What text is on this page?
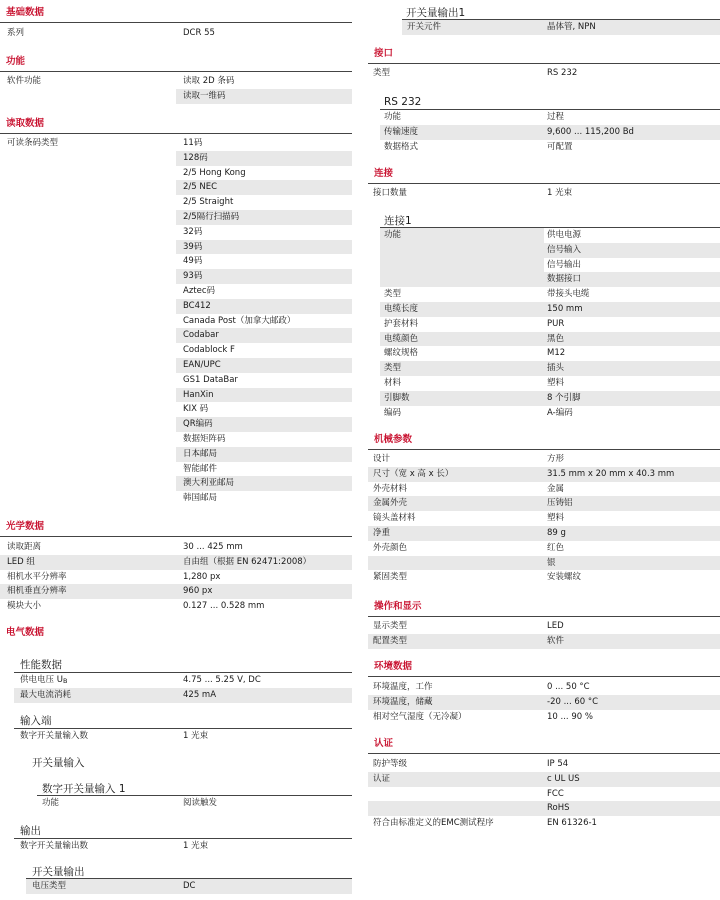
基础数据
系列	DCR 55
功能
软件功能	读取 2D 条码
读取一维码
读取数据
可读条码类型	11码
128码
2/5 Hong Kong
2/5 NEC
2/5 Straight
2/5隔行扫描码
32码
39码
49码
93码
Aztec码
BC412
Canada Post（加拿大邮政）
Codabar
Codablock F
EAN/UPC
GS1 DataBar
HanXin
KIX 码
QR编码
数据矩阵码
日本邮局
智能邮件
澳大利亚邮局
韩国邮局
光学数据
读取距离	30 ... 425 mm
LED 组	自由组（根据 EN 62471:2008）
相机水平分辨率	1,280 px
相机垂直分辨率	960 px
模块大小	0.127 ... 0.528 mm
电气数据
性能数据
供电电压 $U_B$	4.75 ... 5.25 V, DC
最大电流消耗	425 mA
输入端
数字开关量输入数	1 光束
开关量输入
数字开关量输入 1
功能	阅读触发
输出
数字开关量输出数	1 光束
开关量输出
电压类型	DC
开关量输出1
开关元件	晶体管, NPN
接口
类型	RS 232
RS 232
功能	过程
传输速度	9,600 ... 115,200 Bd
数据格式	可配置
连接
接口数量	1 光束
连接1
功能	供电电源
信号输入
信号输出
数据接口
类型	带接头电缆
电缆长度	150 mm
护套材料	PUR
电缆颜色	黑色
螺纹规格	M12
类型	插头
材料	塑料
引脚数	8 个引脚
编码	A-编码
机械参数
设计	方形
尺寸（宽 x 高 x 长）	31.5 mm x 20 mm x 40.3 mm
外壳材料	金属
金属外壳	压铸铝
镜头盖材料	塑料
净重	89 g
外壳颜色	红色
银
紧固类型	安装螺纹
操作和显示
显示类型	LED
配置类型	软件
环境数据
环境温度，工作	0 ... 50 °C
环境温度，储藏	-20 ... 60 °C
相对空气湿度（无冷凝）	10 ... 90 %
认证
防护等级	IP 54
认证	c UL US
FCC
RoHS
符合由标准定义的EMC测试程序	EN 61326-1
